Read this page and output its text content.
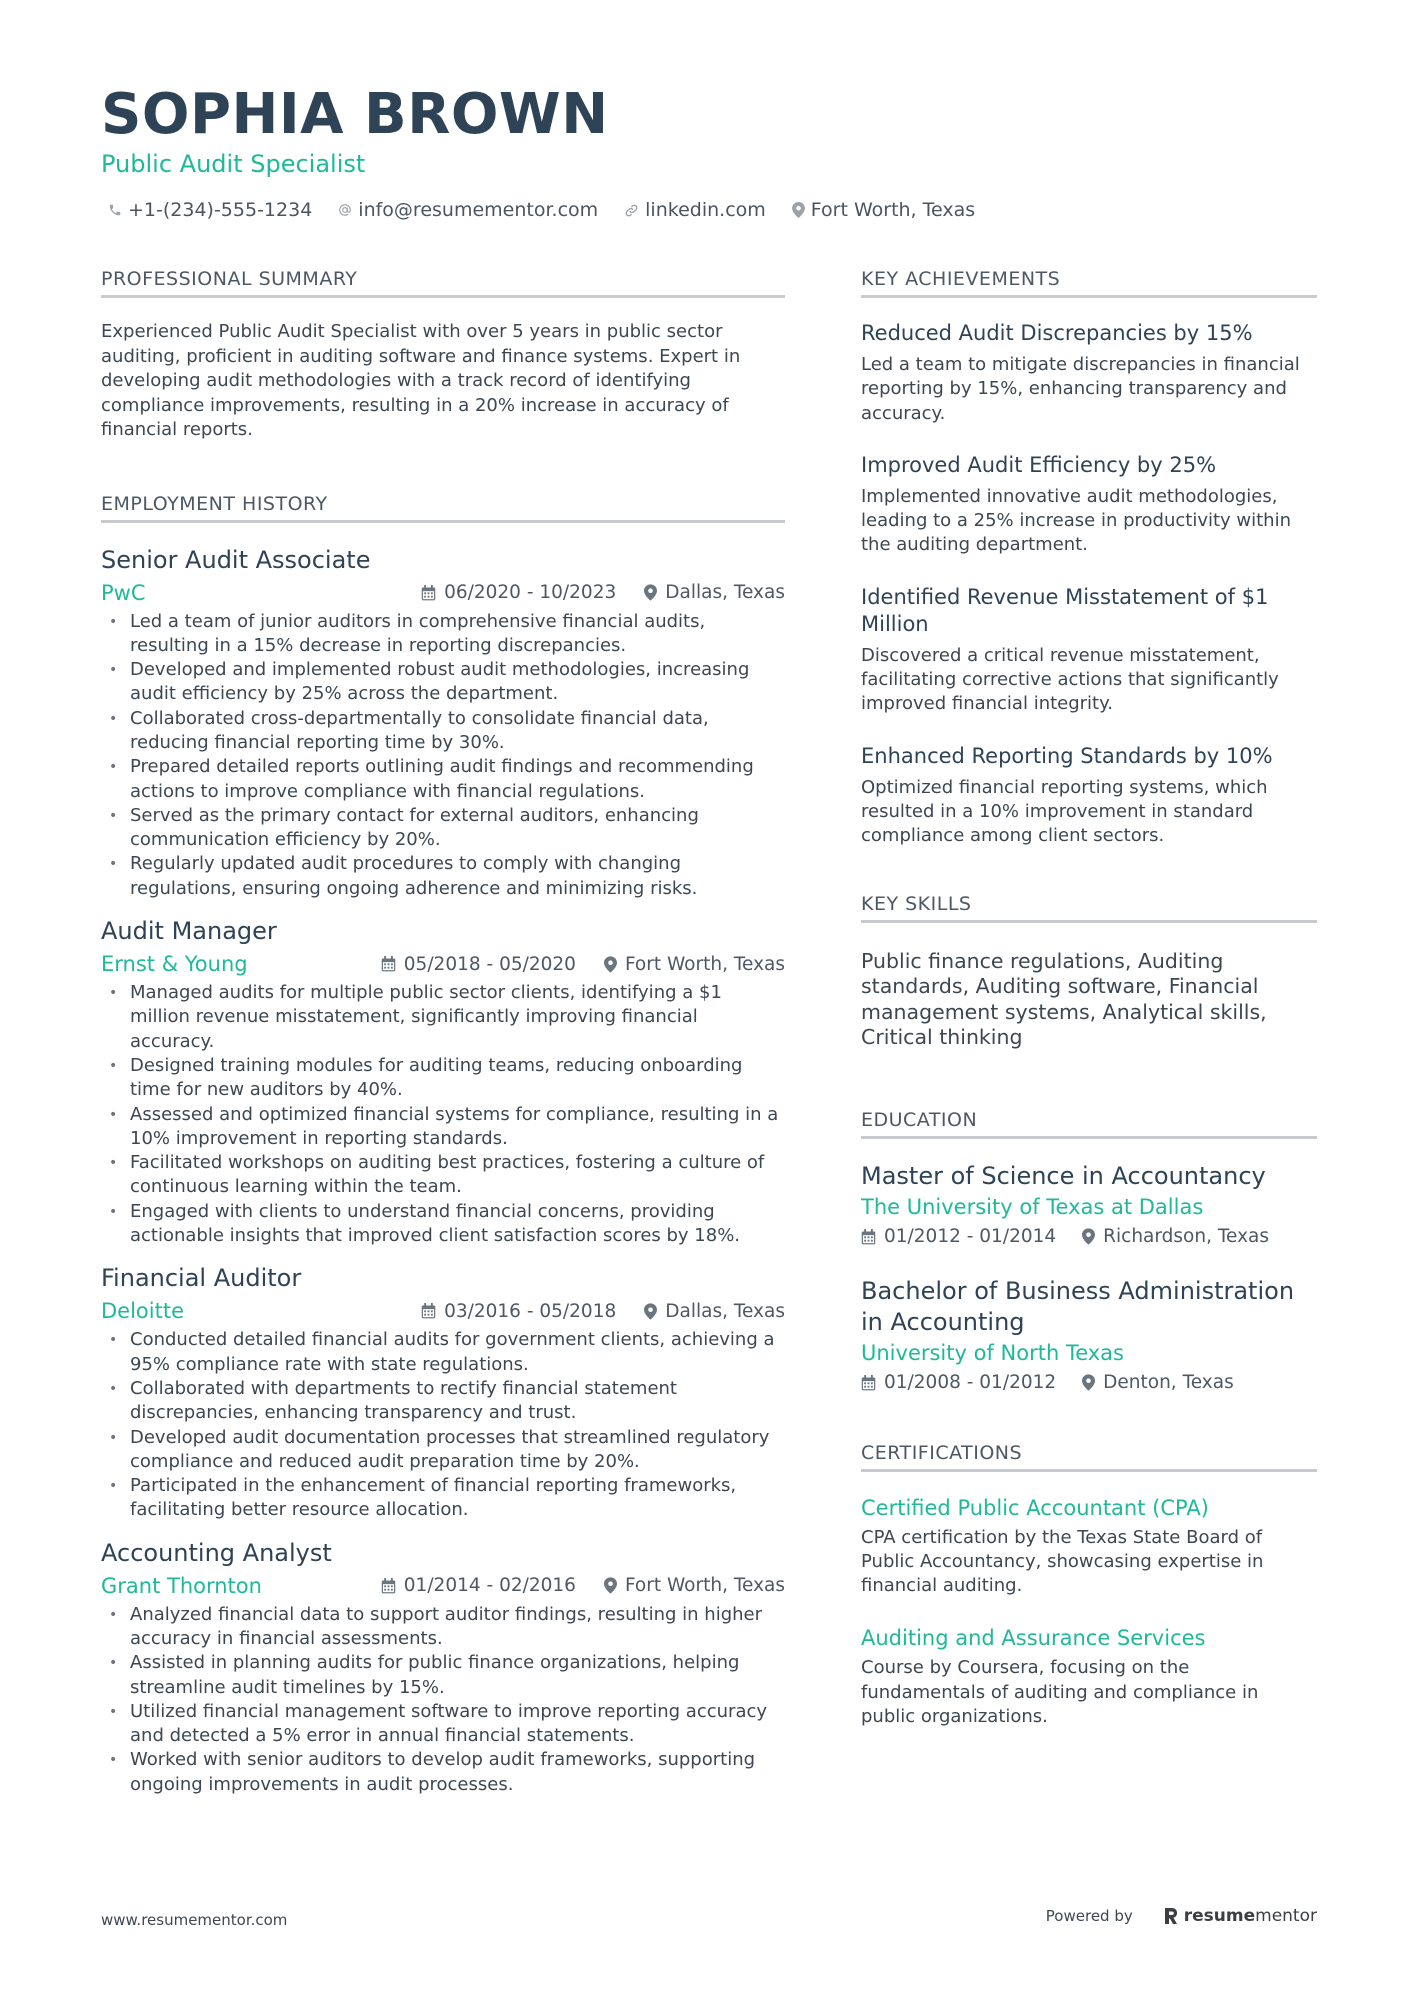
SOPHIA BROWN
Public Audit Specialist
+1-(234)-555-1234 info@resumementor.com linkedin.com Fort Worth, Texas
PROFESSIONAL SUMMARY
Experienced Public Audit Specialist with over 5 years in public sector auditing, proficient in auditing software and finance systems. Expert in developing audit methodologies with a track record of identifying compliance improvements, resulting in a 20% increase in accuracy of financial reports.
EMPLOYMENT HISTORY
Senior Audit Associate
PwC	06/2020 - 10/2023	Dallas, Texas
• Led a team of junior auditors in comprehensive financial audits, resulting in a 15% decrease in reporting discrepancies.
• Developed and implemented robust audit methodologies, increasing audit efficiency by 25% across the department.
• Collaborated cross-departmentally to consolidate financial data, reducing financial reporting time by 30%.
• Prepared detailed reports outlining audit findings and recommending actions to improve compliance with financial regulations.
• Served as the primary contact for external auditors, enhancing communication efficiency by 20%.
• Regularly updated audit procedures to comply with changing regulations, ensuring ongoing adherence and minimizing risks.
Audit Manager
Ernst & Young	05/2018 - 05/2020	Fort Worth, Texas
• Managed audits for multiple public sector clients, identifying a $1 million revenue misstatement, significantly improving financial accuracy.
• Designed training modules for auditing teams, reducing onboarding time for new auditors by 40%.
• Assessed and optimized financial systems for compliance, resulting in a 10% improvement in reporting standards.
• Facilitated workshops on auditing best practices, fostering a culture of continuous learning within the team.
• Engaged with clients to understand financial concerns, providing actionable insights that improved client satisfaction scores by 18%.
Financial Auditor
Deloitte	03/2016 - 05/2018	Dallas, Texas
• Conducted detailed financial audits for government clients, achieving a 95% compliance rate with state regulations.
• Collaborated with departments to rectify financial statement discrepancies, enhancing transparency and trust.
• Developed audit documentation processes that streamlined regulatory compliance and reduced audit preparation time by 20%.
• Participated in the enhancement of financial reporting frameworks, facilitating better resource allocation.
Accounting Analyst
Grant Thornton	01/2014 - 02/2016	Fort Worth, Texas
• Analyzed financial data to support auditor findings, resulting in higher accuracy in financial assessments.
• Assisted in planning audits for public finance organizations, helping streamline audit timelines by 15%.
• Utilized financial management software to improve reporting accuracy and detected a 5% error in annual financial statements.
• Worked with senior auditors to develop audit frameworks, supporting ongoing improvements in audit processes.
KEY ACHIEVEMENTS
Reduced Audit Discrepancies by 15%
Led a team to mitigate discrepancies in financial reporting by 15%, enhancing transparency and accuracy.
Improved Audit Efficiency by 25%
Implemented innovative audit methodologies, leading to a 25% increase in productivity within the auditing department.
Identified Revenue Misstatement of $1 Million
Discovered a critical revenue misstatement, facilitating corrective actions that significantly improved financial integrity.
Enhanced Reporting Standards by 10%
Optimized financial reporting systems, which resulted in a 10% improvement in standard compliance among client sectors.
KEY SKILLS
Public finance regulations, Auditing standards, Auditing software, Financial management systems, Analytical skills, Critical thinking
EDUCATION
Master of Science in Accountancy
The University of Texas at Dallas
01/2012 - 01/2014	Richardson, Texas
Bachelor of Business Administration in Accounting
University of North Texas
01/2008 - 01/2012	Denton, Texas
CERTIFICATIONS
Certified Public Accountant (CPA)
CPA certification by the Texas State Board of Public Accountancy, showcasing expertise in financial auditing.
Auditing and Assurance Services
Course by Coursera, focusing on the fundamentals of auditing and compliance in public organizations.
www.resumementor.com	Powered by	resume mentor
